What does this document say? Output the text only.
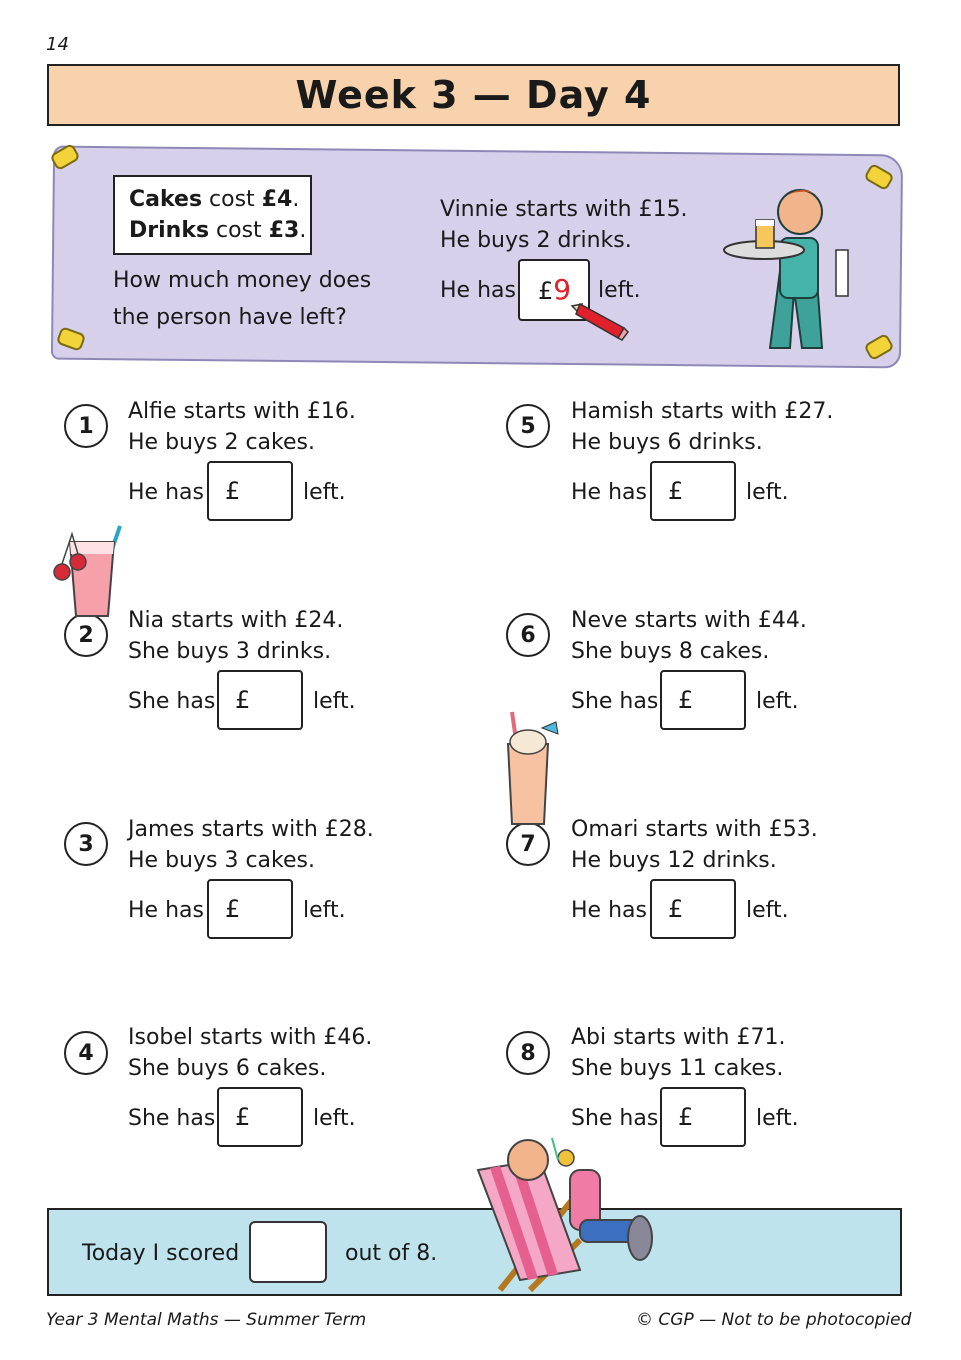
14
Week 3 — Day 4
Cakes cost £4.
Drinks cost £3.
How much money does
the person have left?
Vinnie starts with £15.
He buys 2 drinks.
He has £9	left.
1
Alfie starts with £16.
He buys 2 cakes.
He has £	left.
2
Nia starts with £24.
She buys 3 drinks.
She has £	left.
3
James starts with £28.
He buys 3 cakes.
He has £	left.
4
Isobel starts with £46.
She buys 6 cakes.
She has £	left.
5
Hamish starts with £27.
He buys 6 drinks.
He has £	left.
6
Neve starts with £44.
She buys 8 cakes.
She has £	left.
7
Omari starts with £53.
He buys 12 drinks.
He has £	left.
8
Abi starts with £71.
She buys 11 cakes.
She has £	left.
Today I scored	out of 8.
Year 3 Mental Maths — Summer Term	© CGP — Not to be photocopied
